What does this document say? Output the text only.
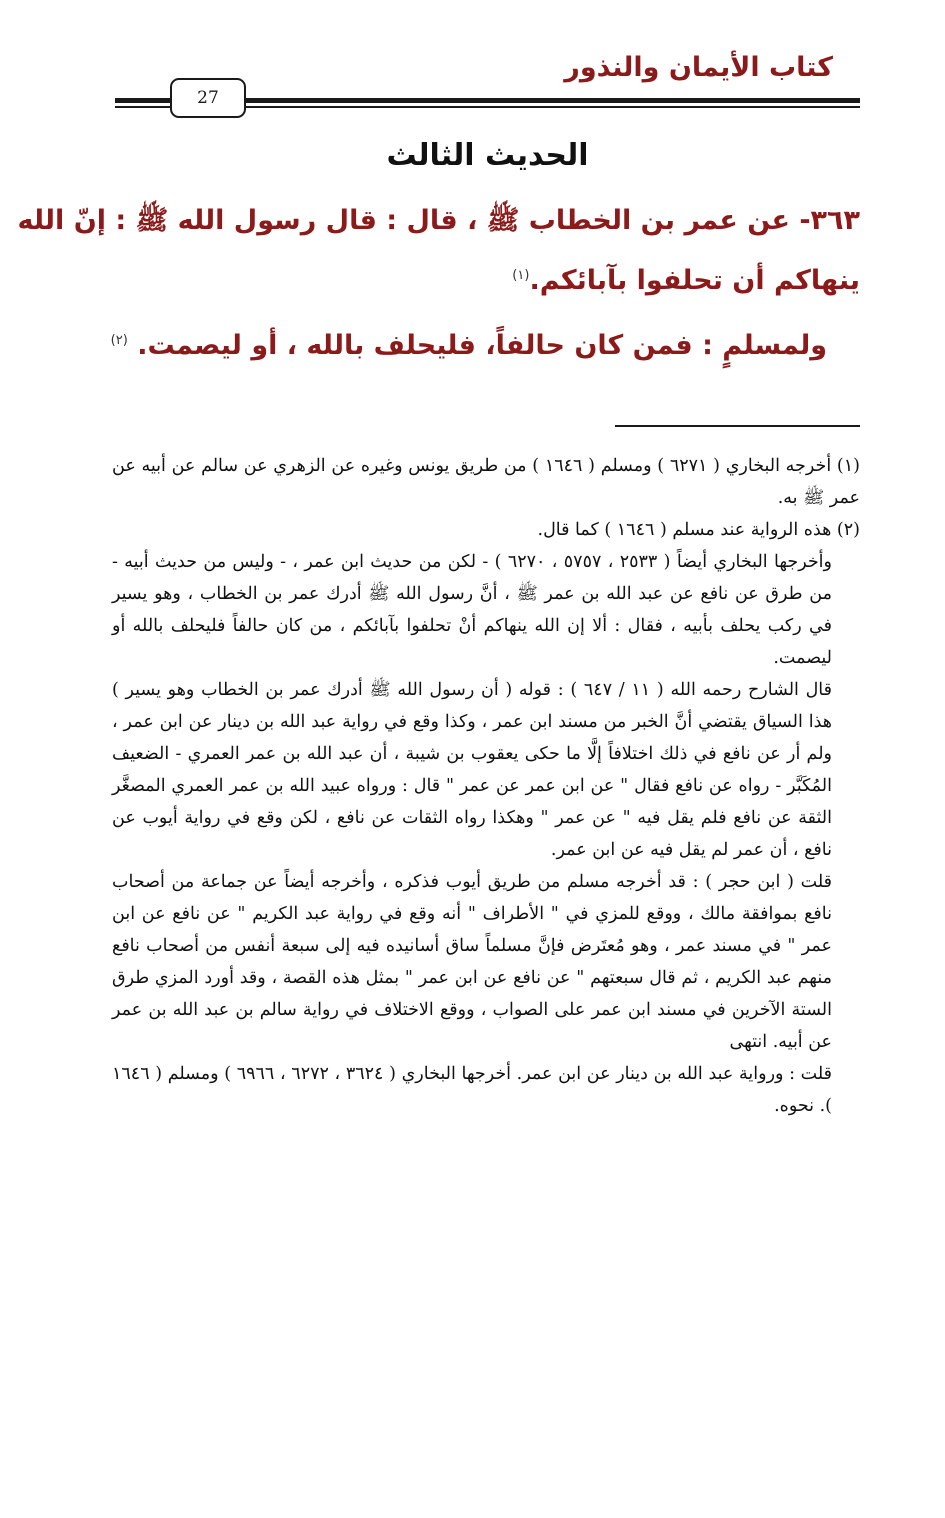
كتاب الأيمان والنذور
27
الحديث الثالث
٣٦٣- عن عمر بن الخطاب ﷺ ، قال : قال رسول الله ﷺ : إنّ الله
ينهاكم أن تحلفوا بآبائكم.$^{(١)}$
ولمسلمٍ : فمن كان حالفاً، فليحلف بالله ، أو ليصمت. $^{(٢)}$

(١) أخرجه البخاري ( ٦٢٧١ ) ومسلم ( ١٦٤٦ ) من طريق يونس وغيره عن الزهري عن سالم عن أبيه عن عمر ﷺ به.

(٢) هذه الرواية عند مسلم ( ١٦٤٦ ) كما قال.

وأخرجها البخاري أيضاً ( ٢٥٣٣ ، ٥٧٥٧ ، ٦٢٧٠ ) - لكن من حديث ابن عمر ، - وليس من حديث أبيه - من طرق عن نافع عن عبد الله بن عمر ﷺ ، أنَّ رسول الله ﷺ أدرك عمر بن الخطاب ، وهو يسير في ركب يحلف بأبيه ، فقال : ألا إن الله ينهاكم أنْ تحلفوا بآبائكم ، من كان حالفاً فليحلف بالله أو ليصمت.

قال الشارح رحمه الله ( ١١ / ٦٤٧ ) : قوله ( أن رسول الله ﷺ أدرك عمر بن الخطاب وهو يسير ) هذا السياق يقتضي أنَّ الخبر من مسند ابن عمر ، وكذا وقع في رواية عبد الله بن دينار عن ابن عمر ، ولم أر عن نافع في ذلك اختلافاً إلَّا ما حكى يعقوب بن شيبة ، أن عبد الله بن عمر العمري - الضعيف المُكَبَّر - رواه عن نافع فقال " عن ابن عمر عن عمر " قال : ورواه عبيد الله بن عمر العمري المصغَّر الثقة عن نافع فلم يقل فيه " عن عمر " وهكذا رواه الثقات عن نافع ، لكن وقع في رواية أيوب عن نافع ، أن عمر لم يقل فيه عن ابن عمر.

قلت ( ابن حجر ) : قد أخرجه مسلم من طريق أيوب فذكره ، وأخرجه أيضاً عن جماعة من أصحاب نافع بموافقة مالك ، ووقع للمزي في " الأطراف " أنه وقع في رواية عبد الكريم " عن نافع عن ابن عمر " في مسند عمر ، وهو مُعتَرض فإنَّ مسلماً ساق أسانيده فيه إلى سبعة أنفس من أصحاب نافع منهم عبد الكريم ، ثم قال سبعتهم " عن نافع عن ابن عمر " بمثل هذه القصة ، وقد أورد المزي طرق الستة الآخرين في مسند ابن عمر على الصواب ، ووقع الاختلاف في رواية سالم بن عبد الله بن عمر عن أبيه. انتهى

قلت : ورواية عبد الله بن دينار عن ابن عمر. أخرجها البخاري ( ٣٦٢٤ ، ٦٢٧٢ ، ٦٩٦٦ ) ومسلم ( ١٦٤٦ ). نحوه.
